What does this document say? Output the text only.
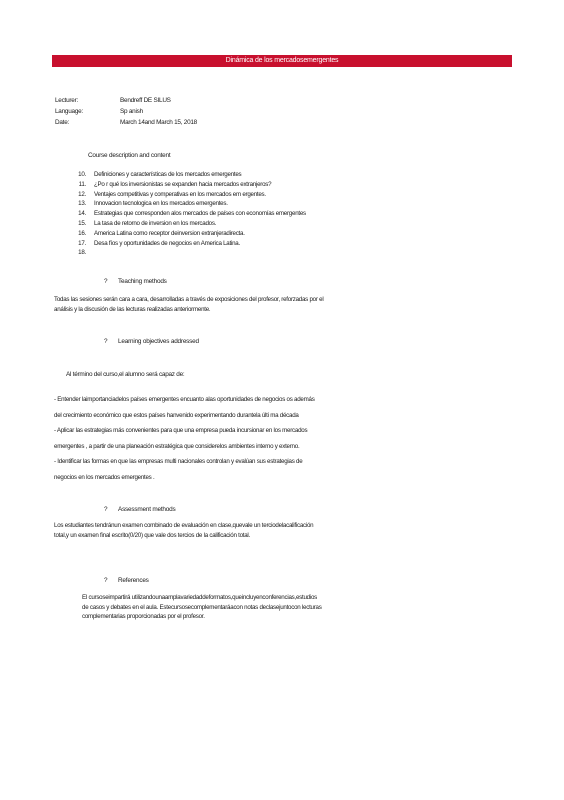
Dinámica de los mercadosemergentes
Lecturer:	Bendreff DE SILUS
Language:	Sp anish
Date:	March 14and March 15, 2018
Course description and content
10. Definiciones y características de los mercados emergentes
11. ¿Po r qué los inversionistas se expanden hacia mercados extranjeros?
12. Ventajes competitivas y comperativas en los mercados em ergentes.
13. Innovacion tecnologica en los mercados emergentes.
14. Estrategias que corresponden alos mercados de países con economías emergentes
15. La tasa de retorno de inversion en los mercados.
16. America Latina como receptor deinversion extranjeradirecta.
17. Desa fíos y oportunidades de negocios en America Latina.
18.
? Teaching methods
Todas las sesiones serán cara a cara, desarrolladas a través de exposiciones del profesor, reforzadas por el
análisis y la discusión de las lecturas realizadas anteriormente.
? Learning objectives addressed
Al término del curso,el alumno será capaz de:
- Entender laimportanciadelos países emergentes encuanto alas oportunidades de negocios os además
del crecimiento económico que estos países hanvenido experimentando durantela últi ma década
- Aplicar las estrategias más convenientes para que una empresa pueda incursionar en los mercados
emergentes , a partir de una planeación estratégica que considerelos ambientes interno y externo.
- Identificar las formas en que las empresas multi nacionales controlan y evalúan sus estrategias de
negocios en los mercados emergentes .
? Assessment methods
Los estudiantes tendránun examen combinado de evaluación en clase,quevale un terciodelacalificación
total,y un examen final escrito(0/20) que vale dos tercios de la calificación total.
? References
El cursoseimpartirá utilizandounaamplavariedaddeformatos,queincluyenconferencias,estudios
de casos y debates en el aula. Estecursosecomplementaráacon notas declasejuntocon lecturas
complementarias proporcionadas por el profesor.
